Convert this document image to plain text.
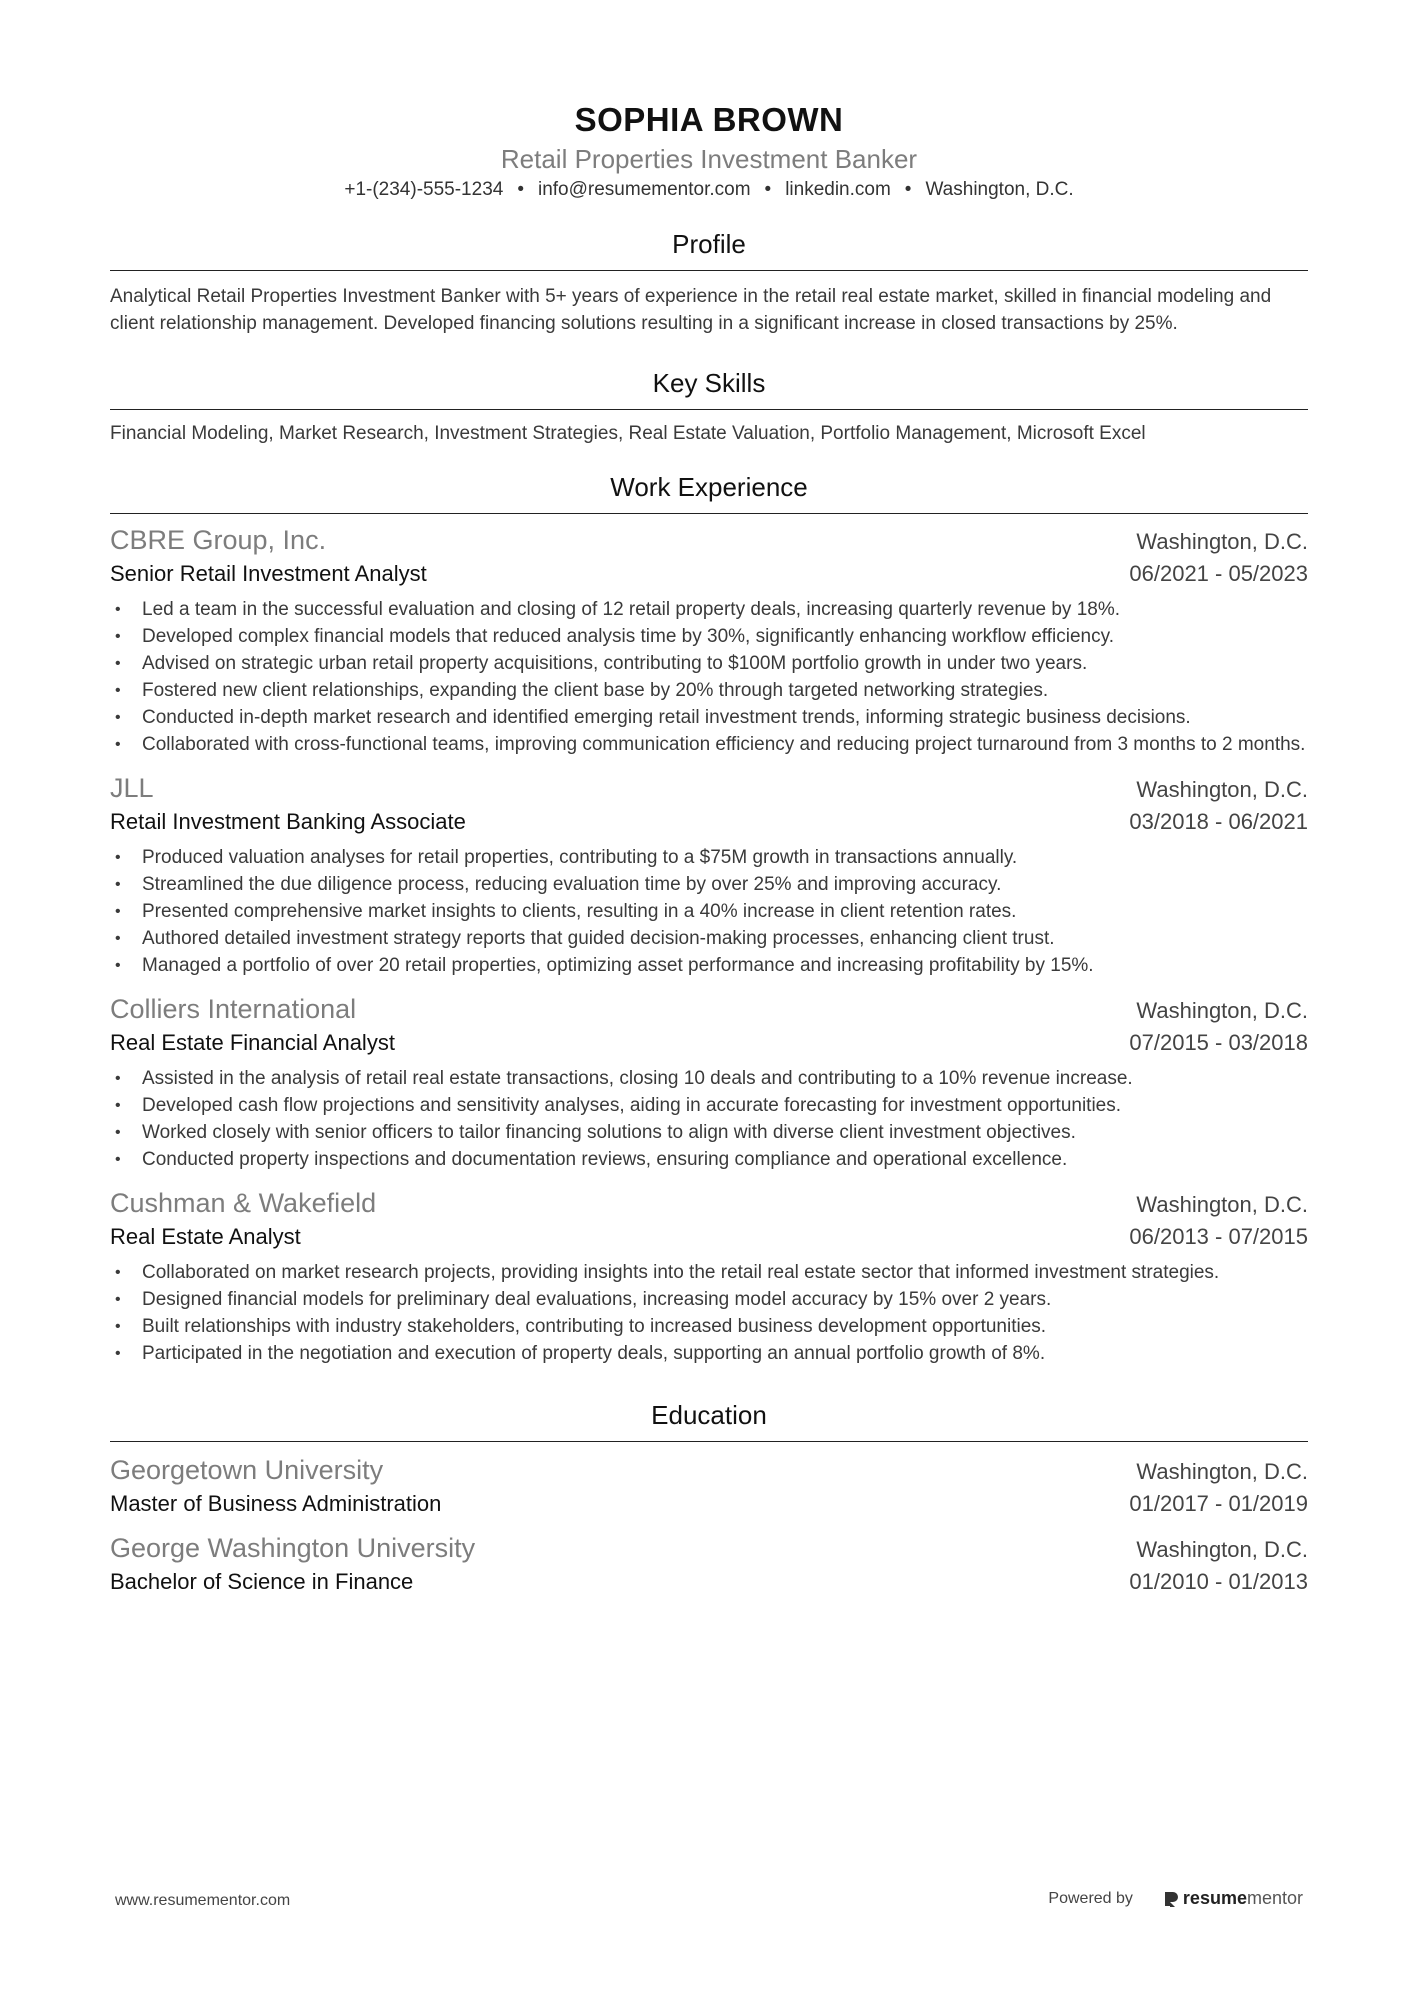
SOPHIA BROWN
Retail Properties Investment Banker
+1-(234)-555-1234 • info@resumementor.com • linkedin.com • Washington, D.C.
Profile
Analytical Retail Properties Investment Banker with 5+ years of experience in the retail real estate market, skilled in financial modeling and client relationship management. Developed financing solutions resulting in a significant increase in closed transactions by 25%.
Key Skills
Financial Modeling, Market Research, Investment Strategies, Real Estate Valuation, Portfolio Management, Microsoft Excel
Work Experience
CBRE Group, Inc.	Washington, D.C.
Senior Retail Investment Analyst	06/2021 - 05/2023
• Led a team in the successful evaluation and closing of 12 retail property deals, increasing quarterly revenue by 18%.
• Developed complex financial models that reduced analysis time by 30%, significantly enhancing workflow efficiency.
• Advised on strategic urban retail property acquisitions, contributing to $100M portfolio growth in under two years.
• Fostered new client relationships, expanding the client base by 20% through targeted networking strategies.
• Conducted in-depth market research and identified emerging retail investment trends, informing strategic business decisions.
• Collaborated with cross-functional teams, improving communication efficiency and reducing project turnaround from 3 months to 2 months.
JLL	Washington, D.C.
Retail Investment Banking Associate	03/2018 - 06/2021
• Produced valuation analyses for retail properties, contributing to a $75M growth in transactions annually.
• Streamlined the due diligence process, reducing evaluation time by over 25% and improving accuracy.
• Presented comprehensive market insights to clients, resulting in a 40% increase in client retention rates.
• Authored detailed investment strategy reports that guided decision-making processes, enhancing client trust.
• Managed a portfolio of over 20 retail properties, optimizing asset performance and increasing profitability by 15%.
Colliers International	Washington, D.C.
Real Estate Financial Analyst	07/2015 - 03/2018
• Assisted in the analysis of retail real estate transactions, closing 10 deals and contributing to a 10% revenue increase.
• Developed cash flow projections and sensitivity analyses, aiding in accurate forecasting for investment opportunities.
• Worked closely with senior officers to tailor financing solutions to align with diverse client investment objectives.
• Conducted property inspections and documentation reviews, ensuring compliance and operational excellence.
Cushman & Wakefield	Washington, D.C.
Real Estate Analyst	06/2013 - 07/2015
• Collaborated on market research projects, providing insights into the retail real estate sector that informed investment strategies.
• Designed financial models for preliminary deal evaluations, increasing model accuracy by 15% over 2 years.
• Built relationships with industry stakeholders, contributing to increased business development opportunities.
• Participated in the negotiation and execution of property deals, supporting an annual portfolio growth of 8%.
Education
Georgetown University	Washington, D.C.
Master of Business Administration	01/2017 - 01/2019
George Washington University	Washington, D.C.
Bachelor of Science in Finance	01/2010 - 01/2013
www.resumementor.com	Powered by	resume mentor
